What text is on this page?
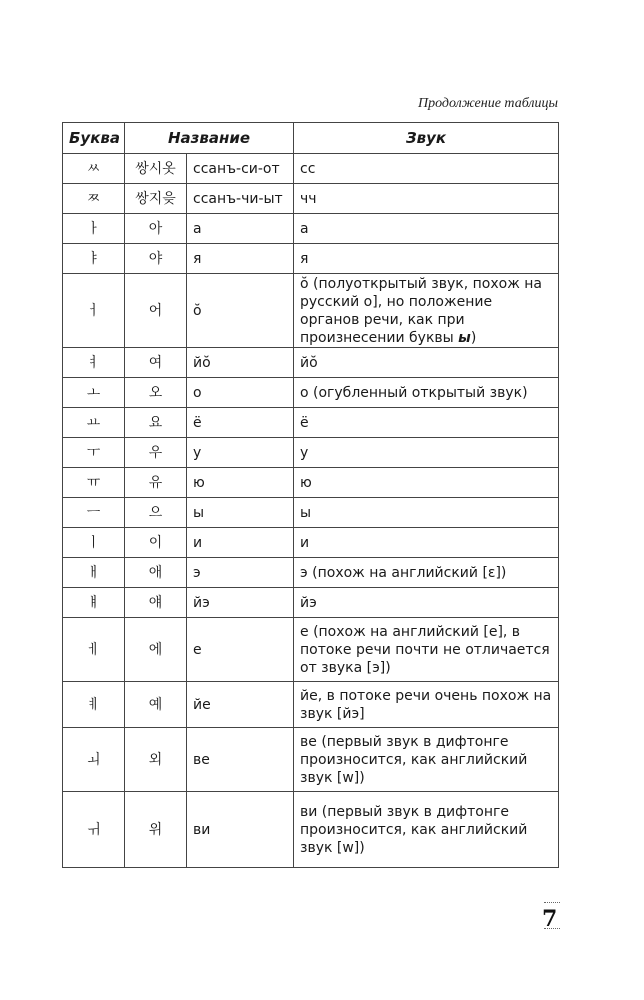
Продолжение таблицы
Буква	Название		Звук
ㅆ	쌍시옷	ссанъ-си-от	сс
ㅉ	쌍지읒	ссанъ-чи-ыт	чч
ㅏ	아	а	а
ㅑ	야	я	я
ㅓ	어	ŏ	ŏ (полуоткрытый звук, похож на русский о], но положение органов речи, как при произнесении буквы ы)
ㅕ	여	йŏ	йŏ
ㅗ	오	о	о (огубленный открытый звук)
ㅛ	요	ё	ё
ㅜ	우	у	у
ㅠ	유	ю	ю
ㅡ	으	ы	ы
ㅣ	이	и	и
ㅐ	애	э	э (похож на английский [ɛ])
ㅒ	얘	йэ	йэ
ㅔ	에	е	е (похож на английский [е], в потоке речи почти не отличается от звука [э])
ㅖ	예	йе	йе, в потоке речи очень похож на звук [йэ]
ㅚ	외	ве	ве (первый звук в дифтонге произносится, как английский звук [w])
ㅟ	위	ви	ви (первый звук в дифтонге произносится, как английский звук [w])
7
